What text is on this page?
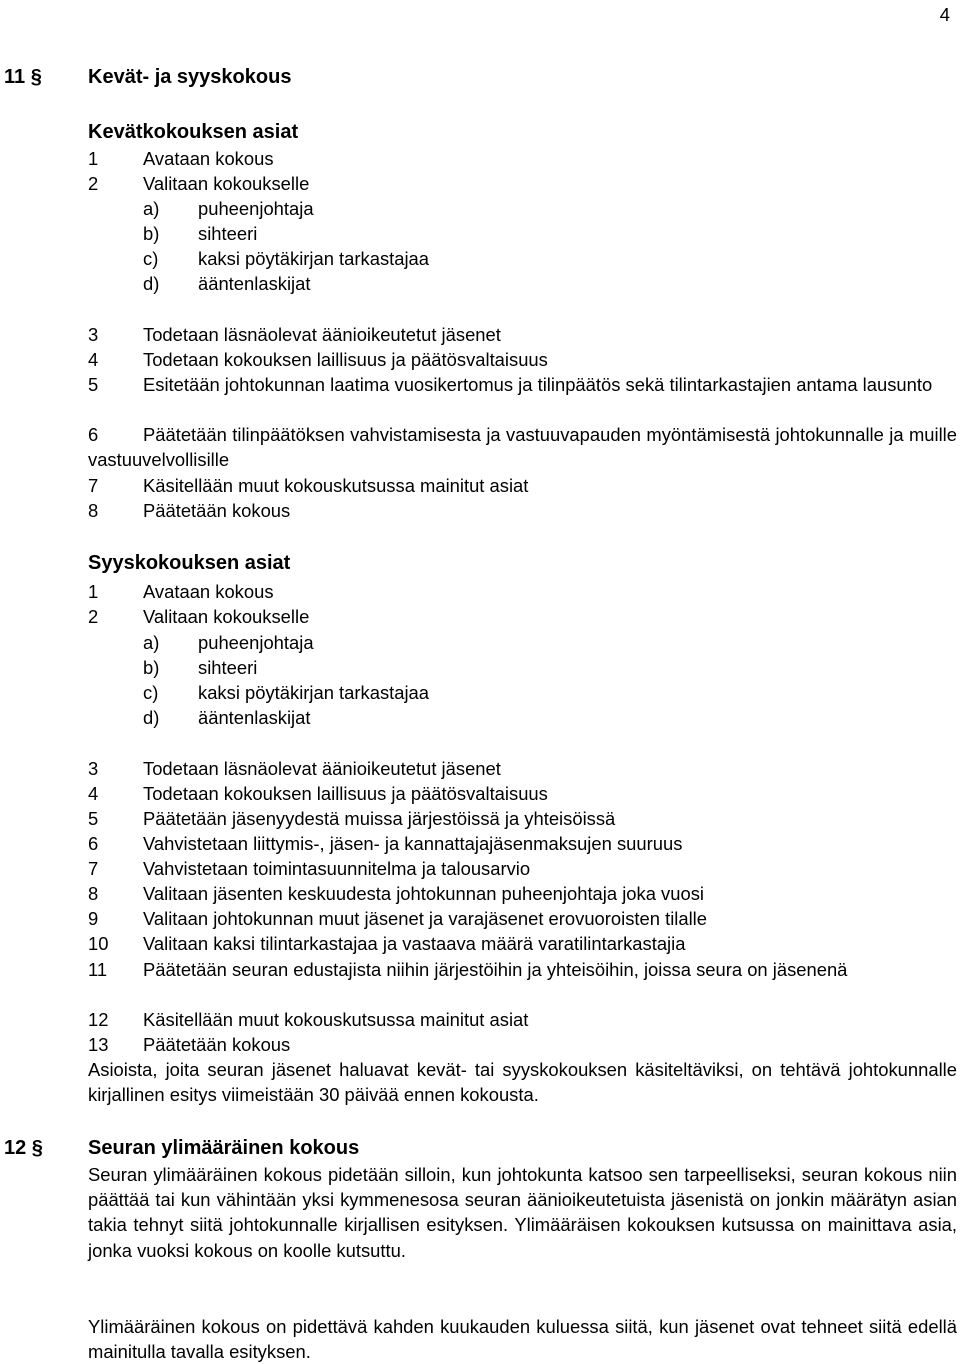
4
11 § Kevät- ja syyskokous
Kevätkokouksen asiat
1	Avataan kokous
2	Valitaan kokoukselle
a)	puheenjohtaja
b)	sihteeri
c)	kaksi pöytäkirjan tarkastajaa
d)	ääntenlaskijat
3	Todetaan läsnäolevat äänioikeutetut jäsenet
4	Todetaan kokouksen laillisuus ja päätösvaltaisuus
5 Esitetään johtokunnan laatima vuosikertomus ja tilinpäätös sekä tilintarkastajien antama lausunto
6 Päätetään tilinpäätöksen vahvistamisesta ja vastuuvapauden myöntämisestä johtokunnalle ja muille vastuuvelvollisille
7	Käsitellään muut kokouskutsussa mainitut asiat
8	Päätetään kokous
Syyskokouksen asiat
1	Avataan kokous
2	Valitaan kokoukselle
a)	puheenjohtaja
b)	sihteeri
c)	kaksi pöytäkirjan tarkastajaa
d)	ääntenlaskijat
3	Todetaan läsnäolevat äänioikeutetut jäsenet
4	Todetaan kokouksen laillisuus ja päätösvaltaisuus
5	Päätetään jäsenyydestä muissa järjestöissä ja yhteisöissä
6	Vahvistetaan liittymis-, jäsen- ja kannattajajäsenmaksujen suuruus
7	Vahvistetaan toimintasuunnitelma ja talousarvio
8	Valitaan jäsenten keskuudesta johtokunnan puheenjohtaja joka vuosi
9	Valitaan johtokunnan muut jäsenet ja varajäsenet erovuoroisten tilalle
10	Valitaan kaksi tilintarkastajaa ja vastaava määrä varatilintarkastajia
11 Päätetään seuran edustajista niihin järjestöihin ja yhteisöihin, joissa seura on jäsenenä
12	Käsitellään muut kokouskutsussa mainitut asiat
13	Päätetään kokous
Asioista, joita seuran jäsenet haluavat kevät- tai syyskokouksen käsiteltäviksi, on tehtävä johtokunnalle kirjallinen esitys viimeistään 30 päivää ennen kokousta.
12 § Seuran ylimääräinen kokous
Seuran ylimääräinen kokous pidetään silloin, kun johtokunta katsoo sen tarpeelliseksi, seuran kokous niin päättää tai kun vähintään yksi kymmenesosa seuran äänioikeutetuista jäsenistä on jonkin määrätyn asian takia tehnyt siitä johtokunnalle kirjallisen esityksen. Ylimääräisen kokouksen kutsussa on mainittava asia, jonka vuoksi kokous on koolle kutsuttu.
Ylimääräinen kokous on pidettävä kahden kuukauden kuluessa siitä, kun jäsenet ovat tehneet siitä edellä mainitulla tavalla esityksen.
